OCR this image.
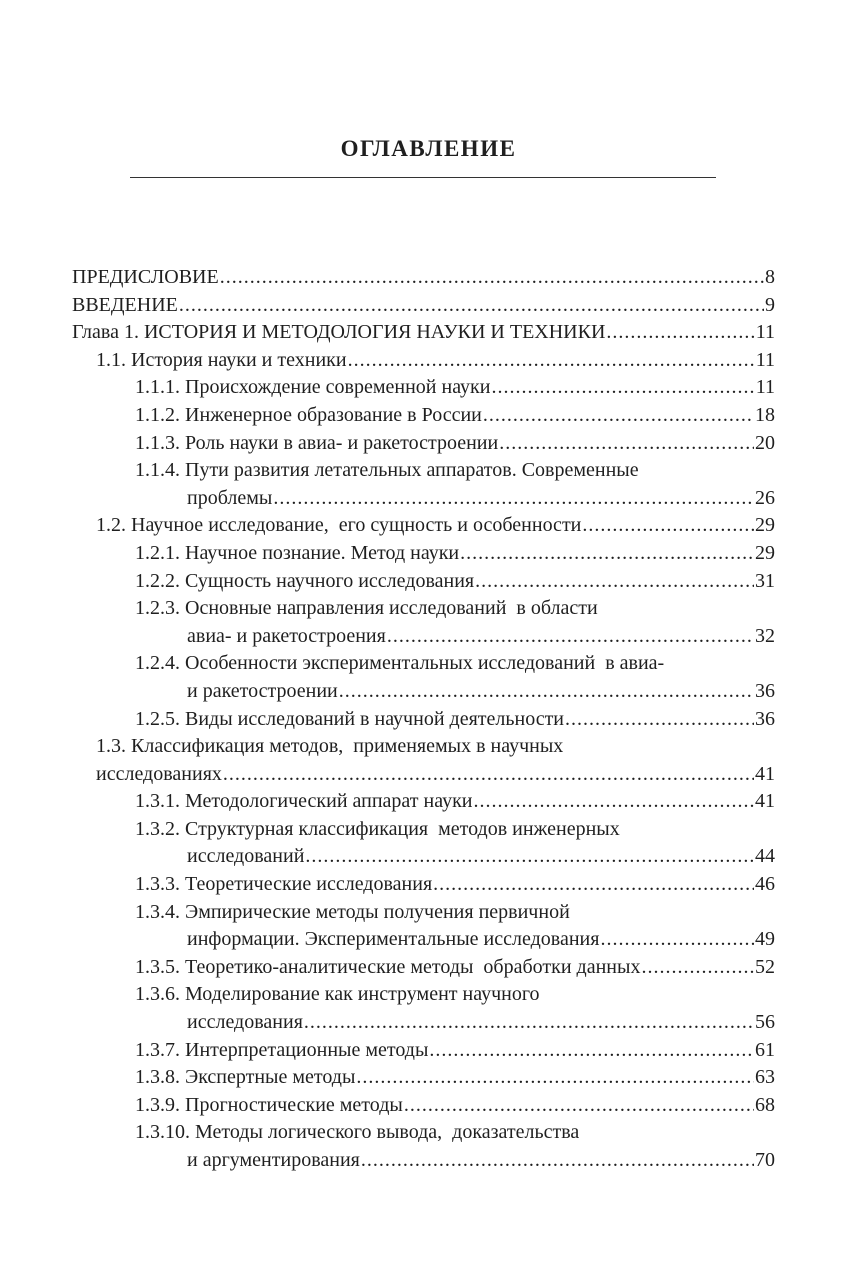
ОГЛАВЛЕНИЕ
ПРЕДИСЛОВИЕ .....	8
ВВЕДЕНИЕ .....	9
Глава 1. ИСТОРИЯ И МЕТОДОЛОГИЯ НАУКИ И ТЕХНИКИ .....	11
1.1. История науки и техники .....	11
1.1.1. Происхождение современной науки .....	11
1.1.2. Инженерное образование в России .....	18
1.1.3. Роль науки в авиа- и ракетостроении .....	20
1.1.4. Пути развития летательных аппаратов. Современные
проблемы .....	26
1.2. Научное исследование,  его сущность и особенности .....	29
1.2.1. Научное познание. Метод науки .....	29
1.2.2. Сущность научного исследования .....	31
1.2.3. Основные направления исследований  в области
авиа- и ракетостроения .....	32
1.2.4. Особенности экспериментальных исследований  в авиа-
и ракетостроении .....	36
1.2.5. Виды исследований в научной деятельности .....	36
1.3. Классификация методов,  применяемых в научных
исследованиях .....	41
1.3.1. Методологический аппарат науки .....	41
1.3.2. Структурная классификация  методов инженерных
исследований .....	44
1.3.3. Теоретические исследования .....	46
1.3.4. Эмпирические методы получения первичной
информации. Экспериментальные исследования .....	49
1.3.5. Теоретико-аналитические методы  обработки данных .....	52
1.3.6. Моделирование как инструмент научного
исследования .....	56
1.3.7. Интерпретационные методы .....	61
1.3.8. Экспертные методы .....	63
1.3.9. Прогностические методы .....	68
1.3.10. Методы логического вывода,  доказательства
и аргументирования .....	70
